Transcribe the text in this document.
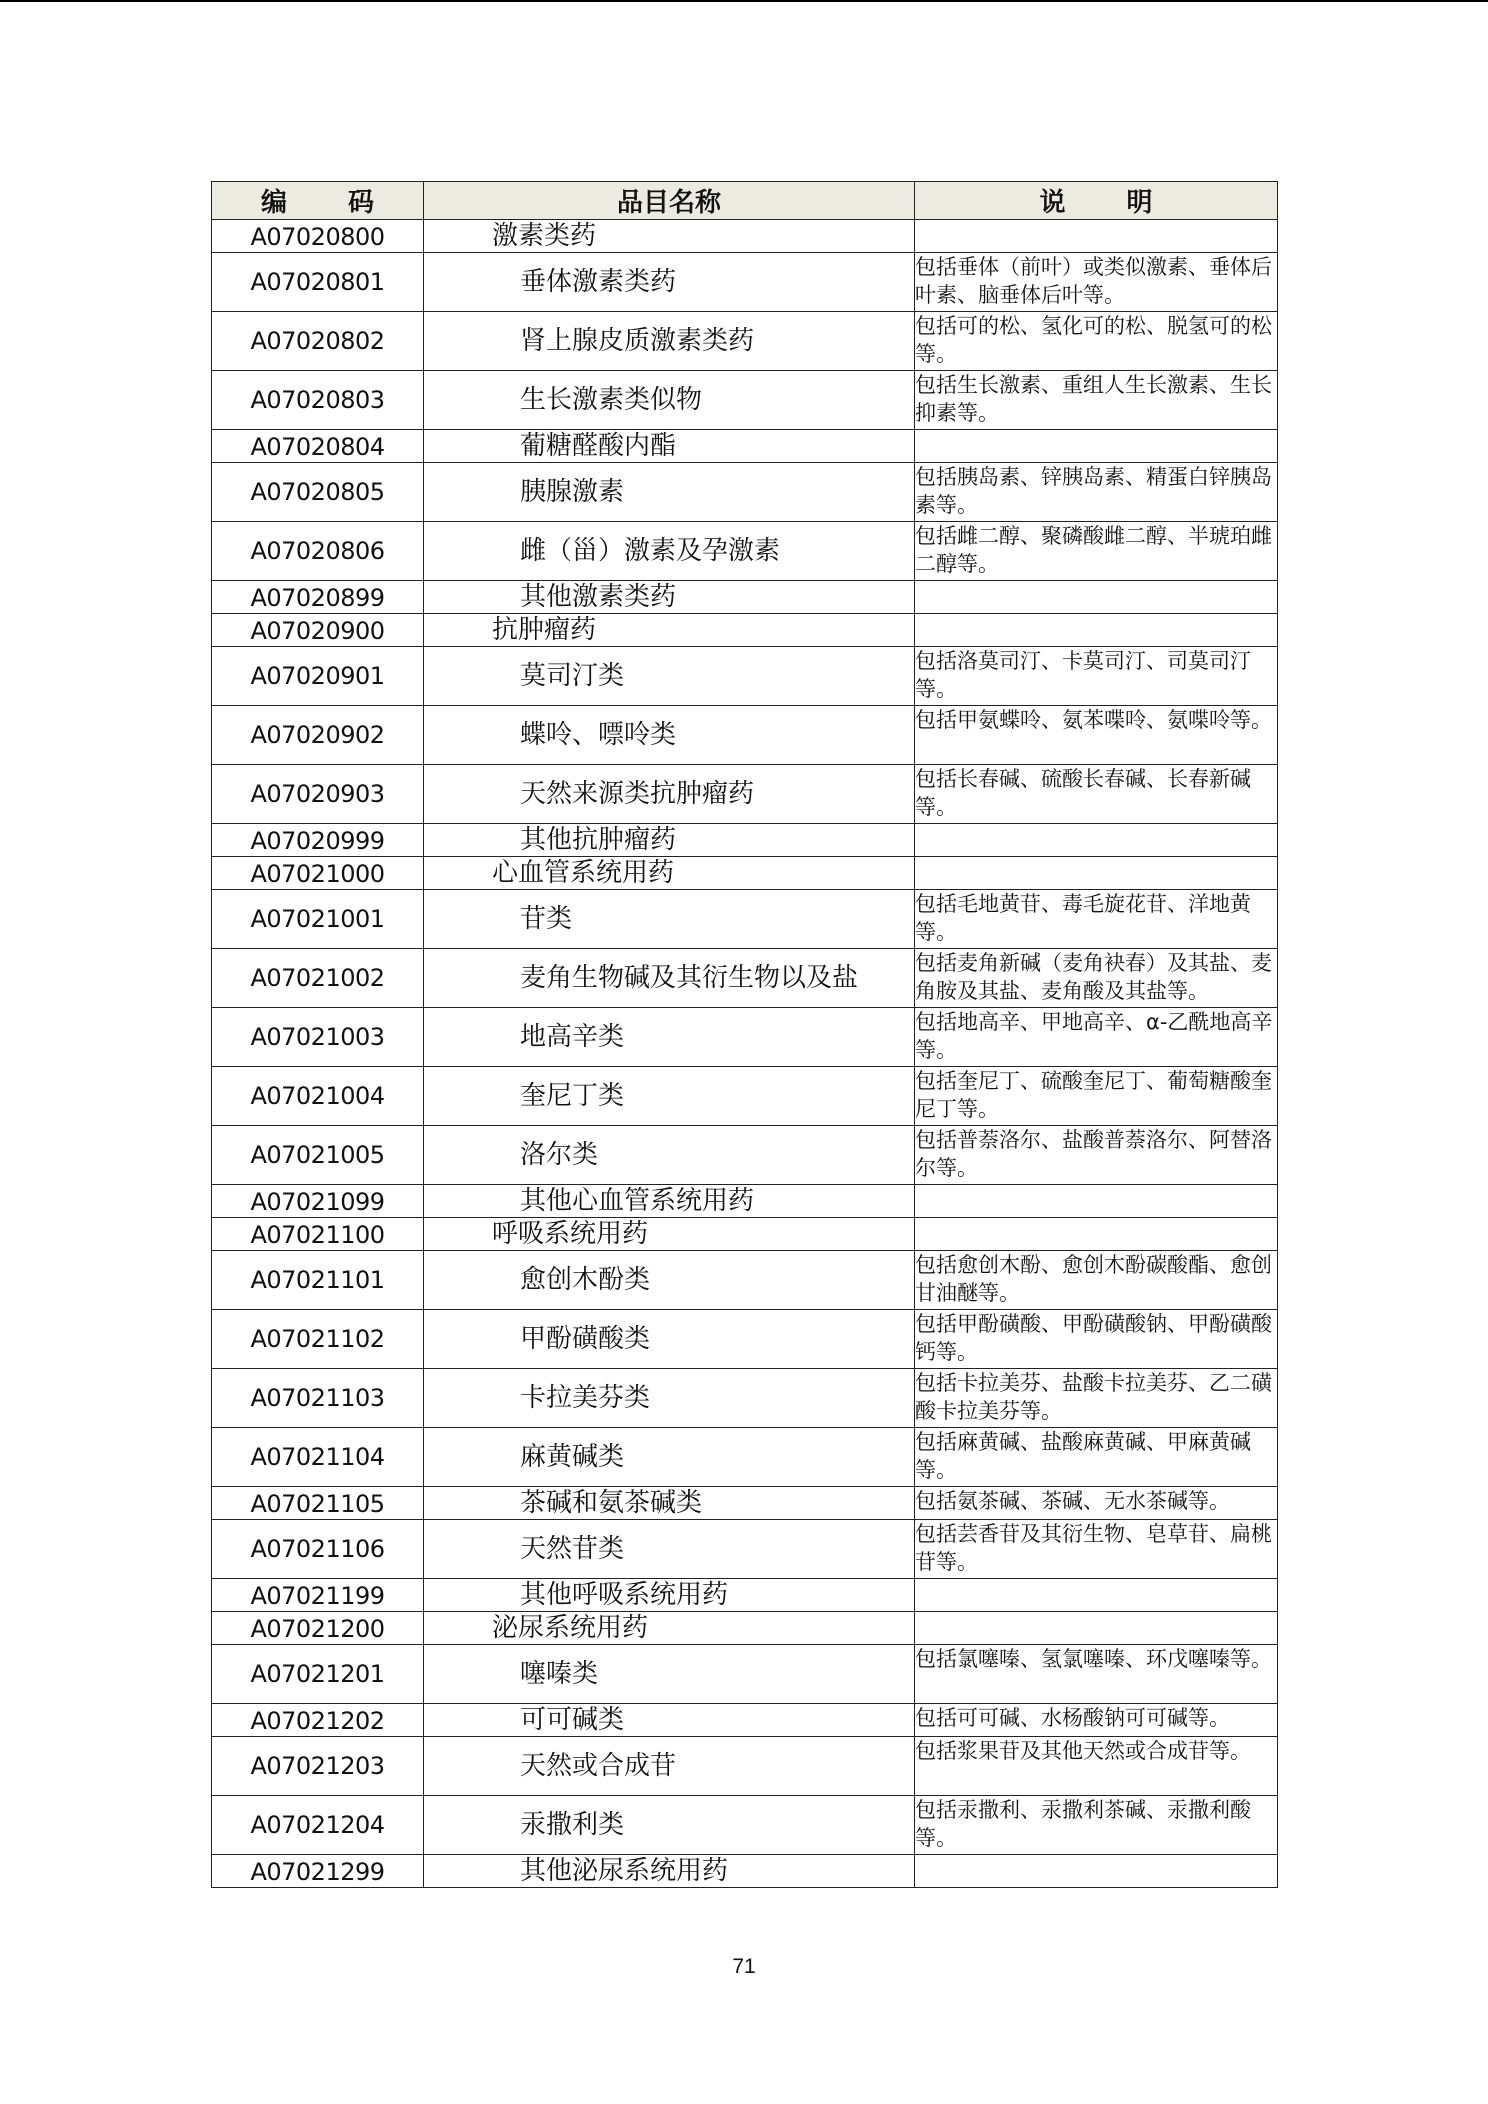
编 码	品目名称	说 明
A07020800	激素类药	
A07020801	垂体激素类药	包括垂体（前叶）或类似激素、垂体后叶素、脑垂体后叶等。
A07020802	肾上腺皮质激素类药	包括可的松、氢化可的松、脱氢可的松等。
A07020803	生长激素类似物	包括生长激素、重组人生长激素、生长抑素等。
A07020804	葡糖醛酸内酯	
A07020805	胰腺激素	包括胰岛素、锌胰岛素、精蛋白锌胰岛素等。
A07020806	雌（甾）激素及孕激素	包括雌二醇、聚磷酸雌二醇、半琥珀雌二醇等。
A07020899	其他激素类药	
A07020900	抗肿瘤药	
A07020901	莫司汀类	包括洛莫司汀、卡莫司汀、司莫司汀等。
A07020902	蝶呤、嘌呤类	包括甲氨蝶呤、氨苯喋呤、氨喋呤等。
A07020903	天然来源类抗肿瘤药	包括长春碱、硫酸长春碱、长春新碱等。
A07020999	其他抗肿瘤药	
A07021000	心血管系统用药	
A07021001	苷类	包括毛地黄苷、毒毛旋花苷、洋地黄等。
A07021002	麦角生物碱及其衍生物以及盐	包括麦角新碱（麦角袂春）及其盐、麦角胺及其盐、麦角酸及其盐等。
A07021003	地高辛类	包括地高辛、甲地高辛、α-乙酰地高辛等。
A07021004	奎尼丁类	包括奎尼丁、硫酸奎尼丁、葡萄糖酸奎尼丁等。
A07021005	洛尔类	包括普萘洛尔、盐酸普萘洛尔、阿替洛尔等。
A07021099	其他心血管系统用药	
A07021100	呼吸系统用药	
A07021101	愈创木酚类	包括愈创木酚、愈创木酚碳酸酯、愈创甘油醚等。
A07021102	甲酚磺酸类	包括甲酚磺酸、甲酚磺酸钠、甲酚磺酸钙等。
A07021103	卡拉美芬类	包括卡拉美芬、盐酸卡拉美芬、乙二磺酸卡拉美芬等。
A07021104	麻黄碱类	包括麻黄碱、盐酸麻黄碱、甲麻黄碱等。
A07021105	茶碱和氨茶碱类	包括氨茶碱、茶碱、无水茶碱等。
A07021106	天然苷类	包括芸香苷及其衍生物、皂草苷、扁桃苷等。
A07021199	其他呼吸系统用药	
A07021200	泌尿系统用药	
A07021201	噻嗪类	包括氯噻嗪、氢氯噻嗪、环戊噻嗪等。
A07021202	可可碱类	包括可可碱、水杨酸钠可可碱等。
A07021203	天然或合成苷	包括浆果苷及其他天然或合成苷等。
A07021204	汞撒利类	包括汞撒利、汞撒利茶碱、汞撒利酸等。
A07021299	其他泌尿系统用药	
71
